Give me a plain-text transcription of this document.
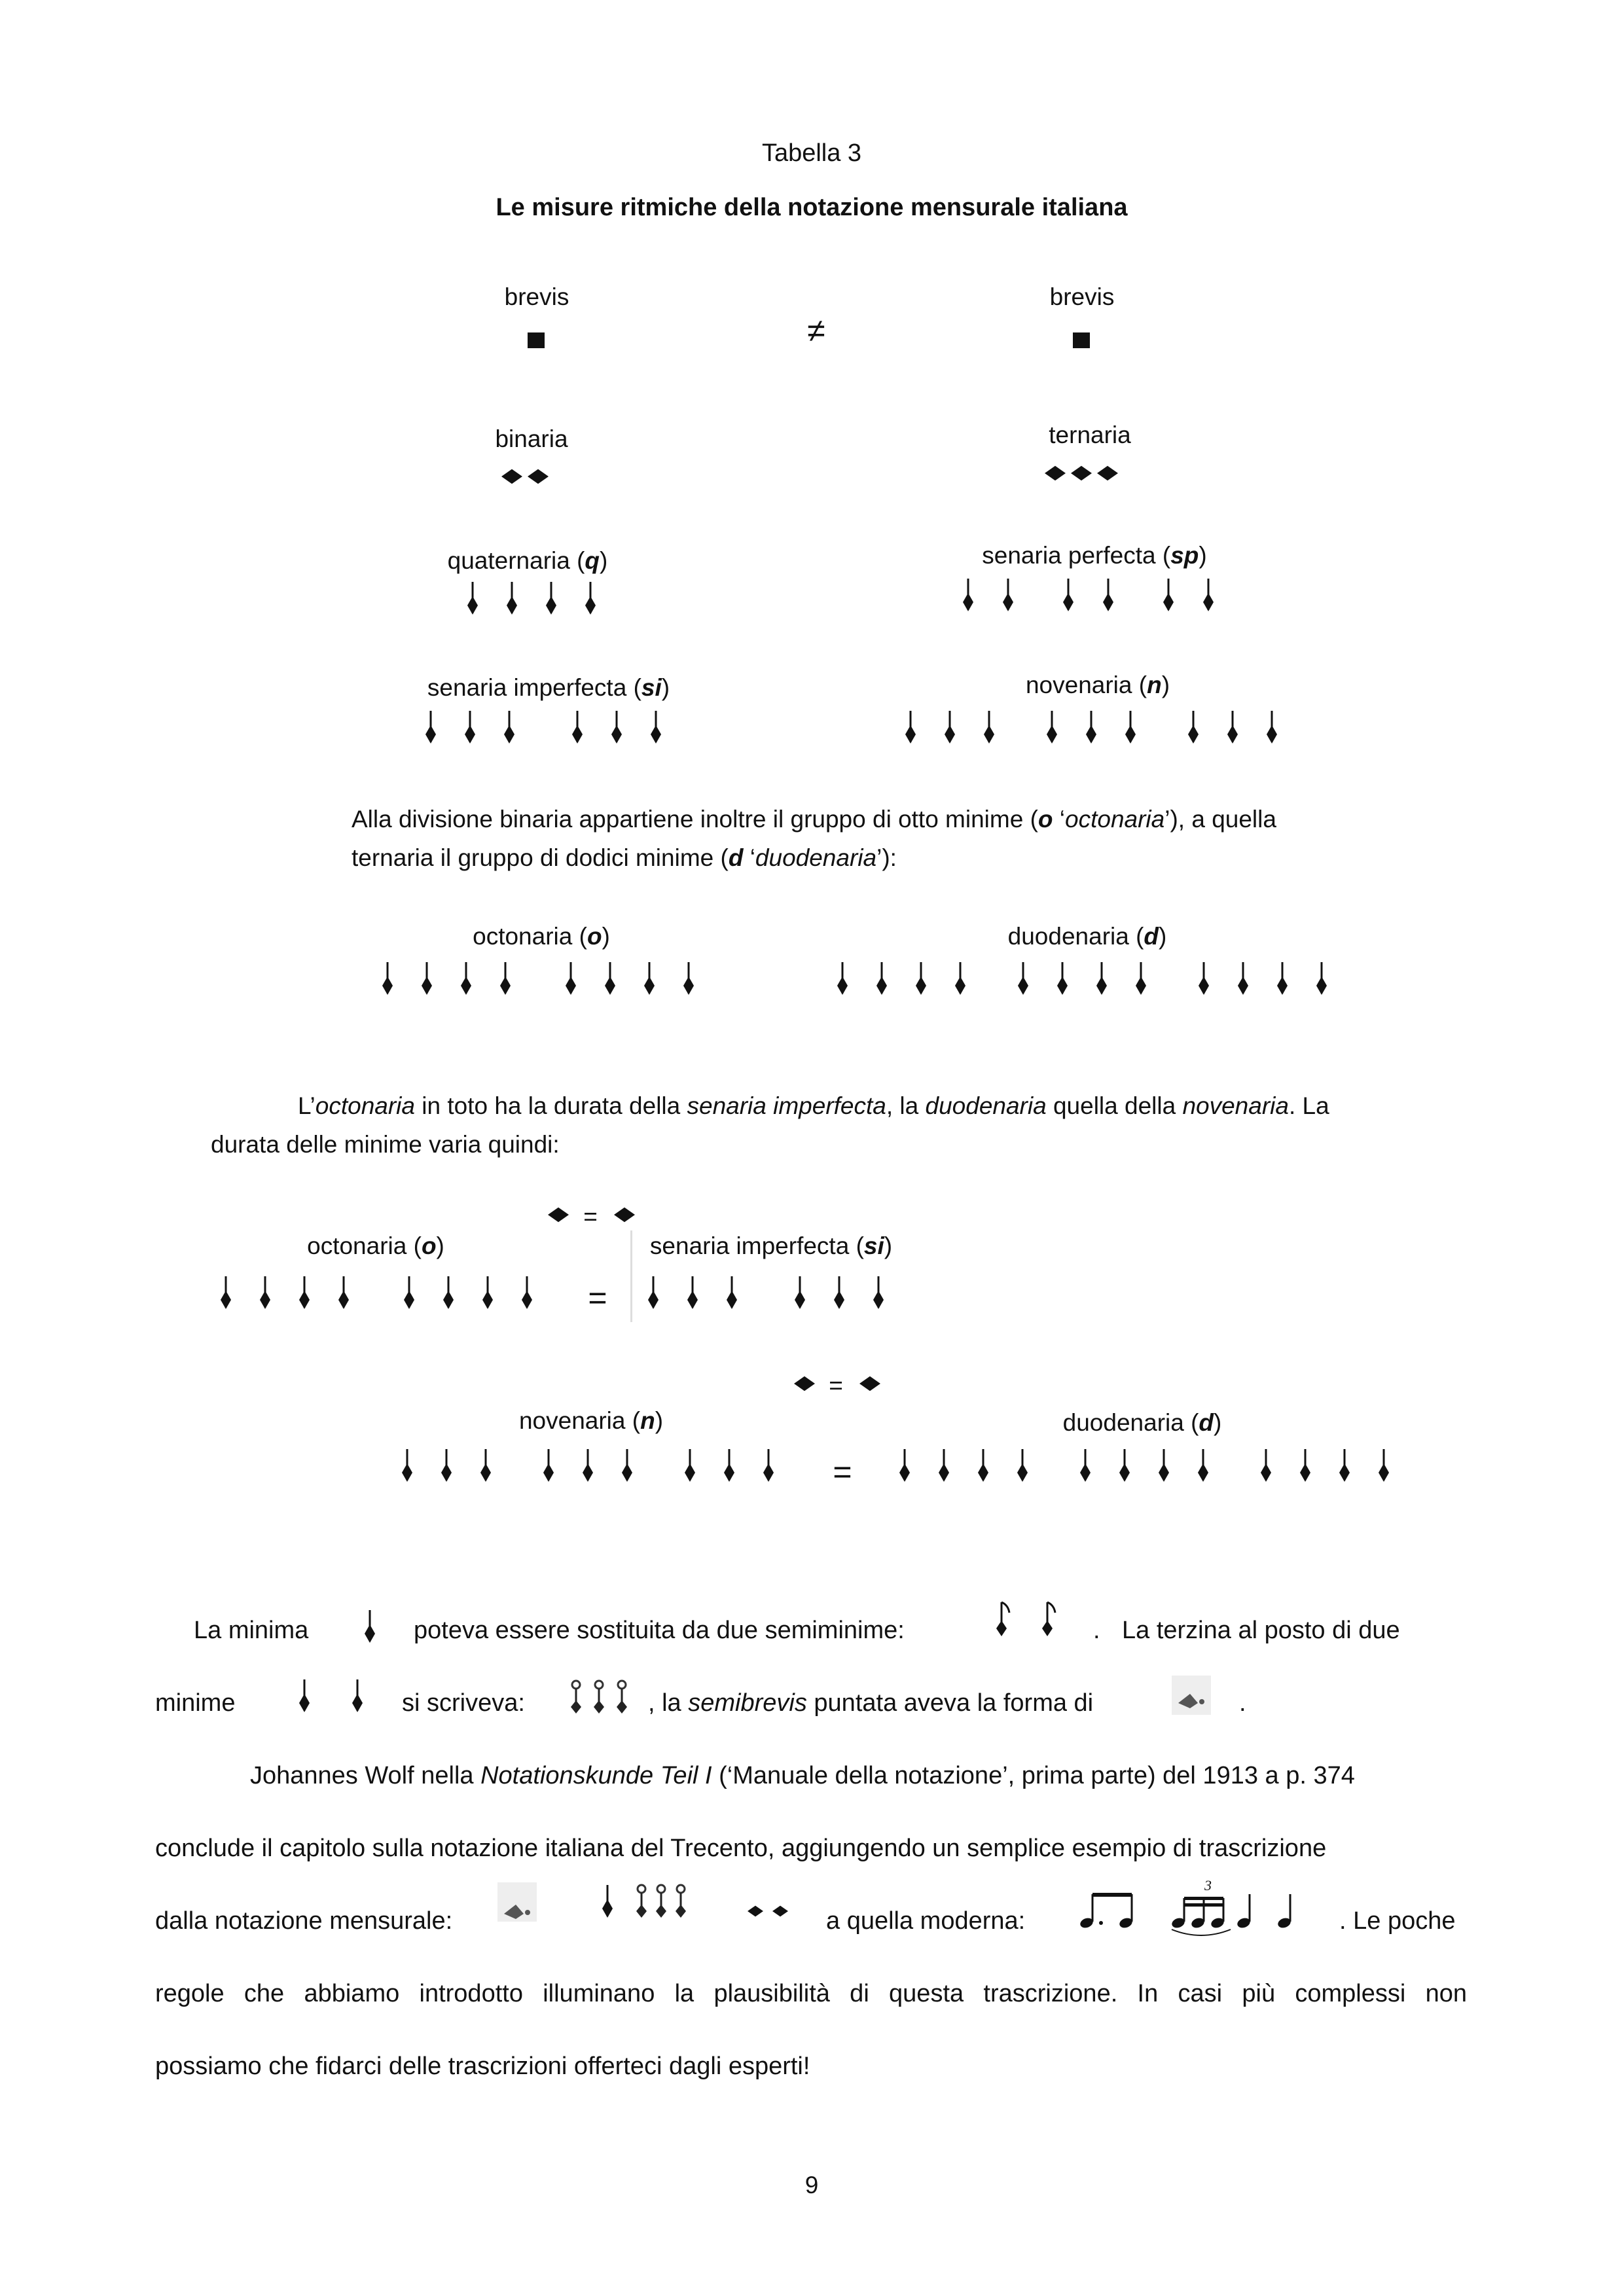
Tabella 3
Le misure ritmiche della notazione mensurale italiana
brevis	brevis
≠
binaria	ternaria
quaternaria (q)	senaria perfecta (sp)
senaria imperfecta (si)	novenaria (n)
Alla divisione binaria appartiene inoltre il gruppo di otto minime (o ‘octonaria’), a quella
ternaria il gruppo di dodici minime (d ‘duodenaria’):
octonaria (o)	duodenaria (d)
L’octonaria in toto ha la durata della senaria imperfecta, la duodenaria quella della novenaria. La
durata delle minime varia quindi:
=
octonaria (o)	senaria imperfecta (si)
=
=
novenaria (n)	duodenaria (d)
=
La minima	poteva essere sostituita da due semiminime:	. La terzina al posto di due
minime	si scriveva:	, la semibrevis puntata aveva la forma di	.
Johannes Wolf nella Notationskunde Teil I (‘Manuale della notazione’, prima parte) del 1913 a p. 374
conclude il capitolo sulla notazione italiana del Trecento, aggiungendo un semplice esempio di trascrizione
dalla notazione mensurale:	a quella moderna:
3
. Le poche
regole che abbiamo introdotto illuminano la plausibilità di questa trascrizione. In casi più complessi non
possiamo che fidarci delle trascrizioni offerteci dagli esperti!
9
